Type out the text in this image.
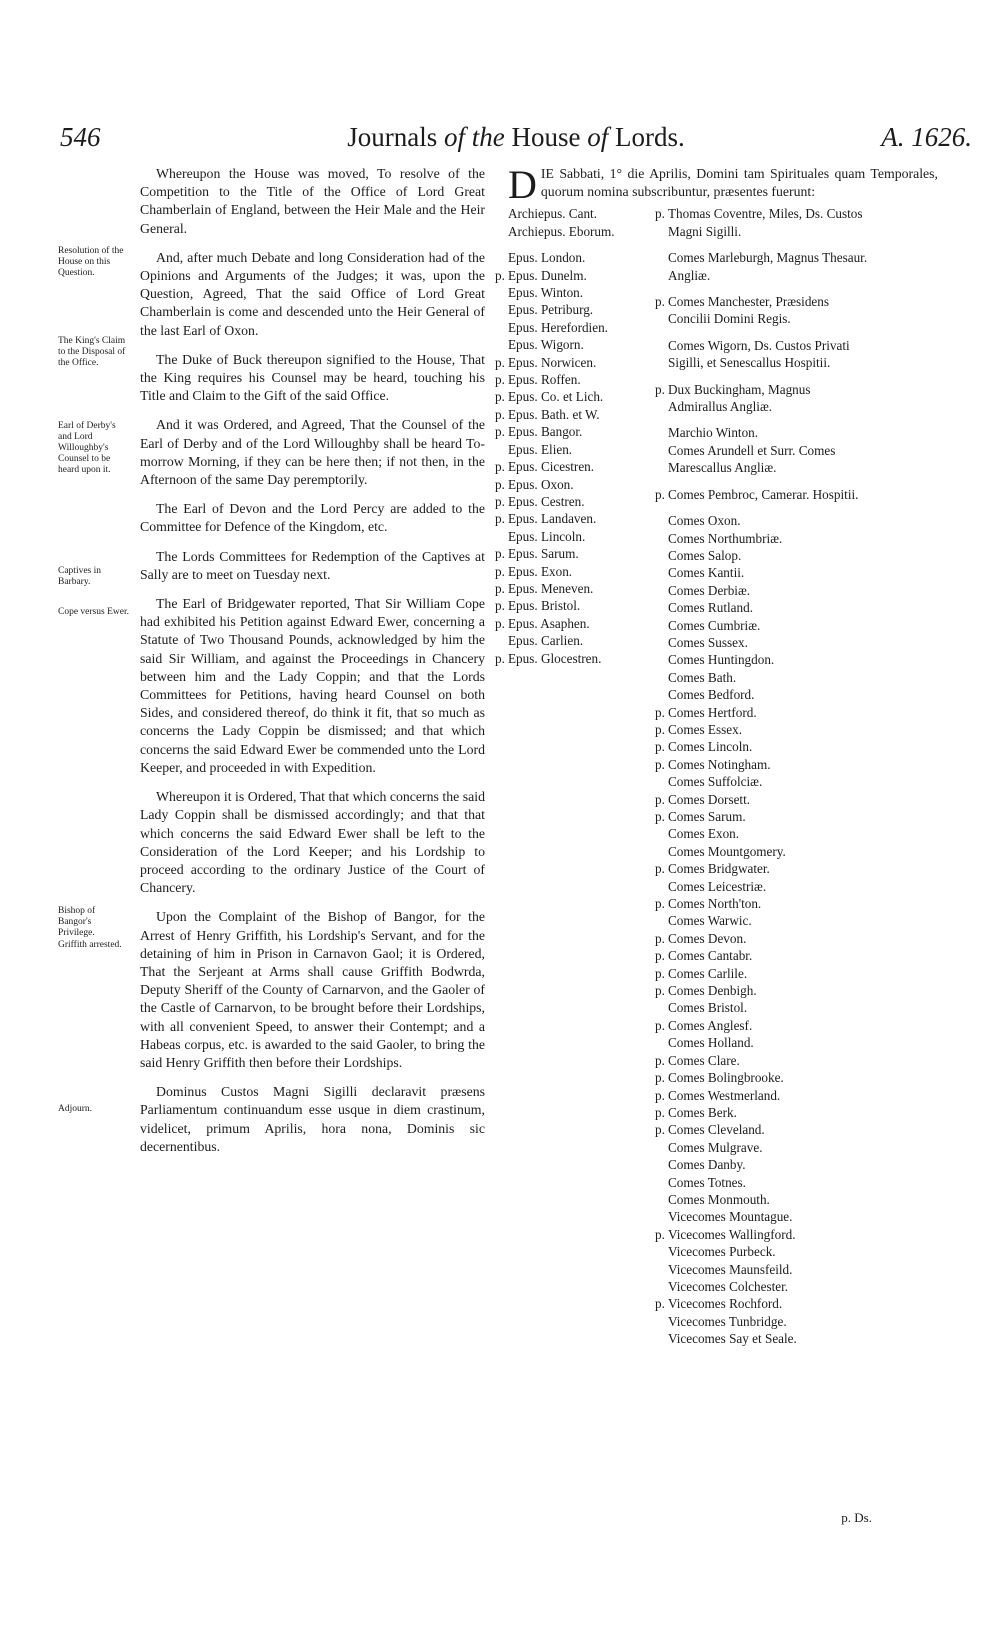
546	Journals of the House of Lords.	A. 1626.
Resolution of the House on this Question.
The King's Claim to the Disposal of the Office.
Earl of Derby's and Lord Willoughby's Counsel to be heard upon it.
Captives in Barbary.
Cope versus Ewer.
Bishop of Bangor's Privilege.
Griffith arrested.
Adjourn.

Whereupon the House was moved, To resolve of the Competition to the Title of the Office of Lord Great Chamberlain of England, between the Heir Male and the Heir General.

And, after much Debate and long Consideration had of the Opinions and Arguments of the Judges; it was, upon the Question, Agreed, That the said Office of Lord Great Chamberlain is come and descended unto the Heir General of the last Earl of Oxon.

The Duke of Buck thereupon signified to the House, That the King requires his Counsel may be heard, touching his Title and Claim to the Gift of the said Office.

And it was Ordered, and Agreed, That the Counsel of the Earl of Derby and of the Lord Willoughby shall be heard To-morrow Morning, if they can be here then; if not then, in the Afternoon of the same Day peremptorily.

The Earl of Devon and the Lord Percy are added to the Committee for Defence of the Kingdom, etc.

The Lords Committees for Redemption of the Captives at Sally are to meet on Tuesday next.

The Earl of Bridgewater reported, That Sir William Cope had exhibited his Petition against Edward Ewer, concerning a Statute of Two Thousand Pounds, acknowledged by him the said Sir William, and against the Proceedings in Chancery between him and the Lady Coppin; and that the Lords Committees for Petitions, having heard Counsel on both Sides, and considered thereof, do think it fit, that so much as concerns the Lady Coppin be dismissed; and that which concerns the said Edward Ewer be commended unto the Lord Keeper, and proceeded in with Expedition.

Whereupon it is Ordered, That that which concerns the said Lady Coppin shall be dismissed accordingly; and that that which concerns the said Edward Ewer shall be left to the Consideration of the Lord Keeper; and his Lordship to proceed according to the ordinary Justice of the Court of Chancery.

Upon the Complaint of the Bishop of Bangor, for the Arrest of Henry Griffith, his Lordship's Servant, and for the detaining of him in Prison in Carnavon Gaol; it is Ordered, That the Serjeant at Arms shall cause Griffith Bodwrda, Deputy Sheriff of the County of Carnarvon, and the Gaoler of the Castle of Carnarvon, to be brought before their Lordships, with all convenient Speed, to answer their Contempt; and a Habeas corpus, etc. is awarded to the said Gaoler, to bring the said Henry Griffith then before their Lordships.

Dominus Custos Magni Sigilli declaravit præsens Parliamentum continuandum esse usque in diem crastinum, videlicet, primum Aprilis, hora nona, Dominis sic decernentibus.

DIE Sabbati, 1° die Aprilis, Domini tam Spirituales quam Temporales, quorum nomina subscribuntur, præsentes fuerunt:

Archiepus. Cant.
Archiepus. Eborum.
Epus. London.
p. Epus. Dunelm.
Epus. Winton.
Epus. Petriburg.
Epus. Herefordien.
Epus. Wigorn.
p. Epus. Norwicen.
p. Epus. Roffen.
p. Epus. Co. et Lich.
p. Epus. Bath. et W.
p. Epus. Bangor.
Epus. Elien.
p. Epus. Cicestren.
p. Epus. Oxon.
p. Epus. Cestren.
p. Epus. Landaven.
Epus. Lincoln.
p. Epus. Sarum.
p. Epus. Exon.
p. Epus. Meneven.
p. Epus. Bristol.
p. Epus. Asaphen.
Epus. Carlien.
p. Epus. Glocestren.
p. Thomas Coventre, Miles, Ds. Custos Magni Sigilli.
Comes Marleburgh, Magnus Thesaur. Angliæ.
p. Comes Manchester, Præsidens Concilii Domini Regis.
Comes Wigorn, Ds. Custos Privati Sigilli, et Senescallus Hospitii.
p. Dux Buckingham, Magnus Admirallus Angliæ.
Marchio Winton.
Comes Arundell et Surr. Comes Marescallus Angliæ.
p. Comes Pembroc, Camerar. Hospitii.
Comes Oxon.
Comes Northumbriæ.
Comes Salop.
Comes Kantii.
Comes Derbiæ.
Comes Rutland.
Comes Cumbriæ.
Comes Sussex.
Comes Huntingdon.
Comes Bath.
Comes Bedford.
p. Comes Hertford.
p. Comes Essex.
p. Comes Lincoln.
p. Comes Notingham.
Comes Suffolciæ.
p. Comes Dorsett.
p. Comes Sarum.
Comes Exon.
Comes Mountgomery.
p. Comes Bridgwater.
Comes Leicestriæ.
p. Comes North'ton.
Comes Warwic.
p. Comes Devon.
p. Comes Cantabr.
p. Comes Carlile.
p. Comes Denbigh.
Comes Bristol.
p. Comes Anglesf.
Comes Holland.
p. Comes Clare.
p. Comes Bolingbrooke.
p. Comes Westmerland.
p. Comes Berk.
p. Comes Cleveland.
Comes Mulgrave.
Comes Danby.
Comes Totnes.
Comes Monmouth.
Vicecomes Mountague.
p. Vicecomes Wallingford.
Vicecomes Purbeck.
Vicecomes Maunsfeild.
Vicecomes Colchester.
p. Vicecomes Rochford.
Vicecomes Tunbridge.
Vicecomes Say et Seale.
p. Ds.
